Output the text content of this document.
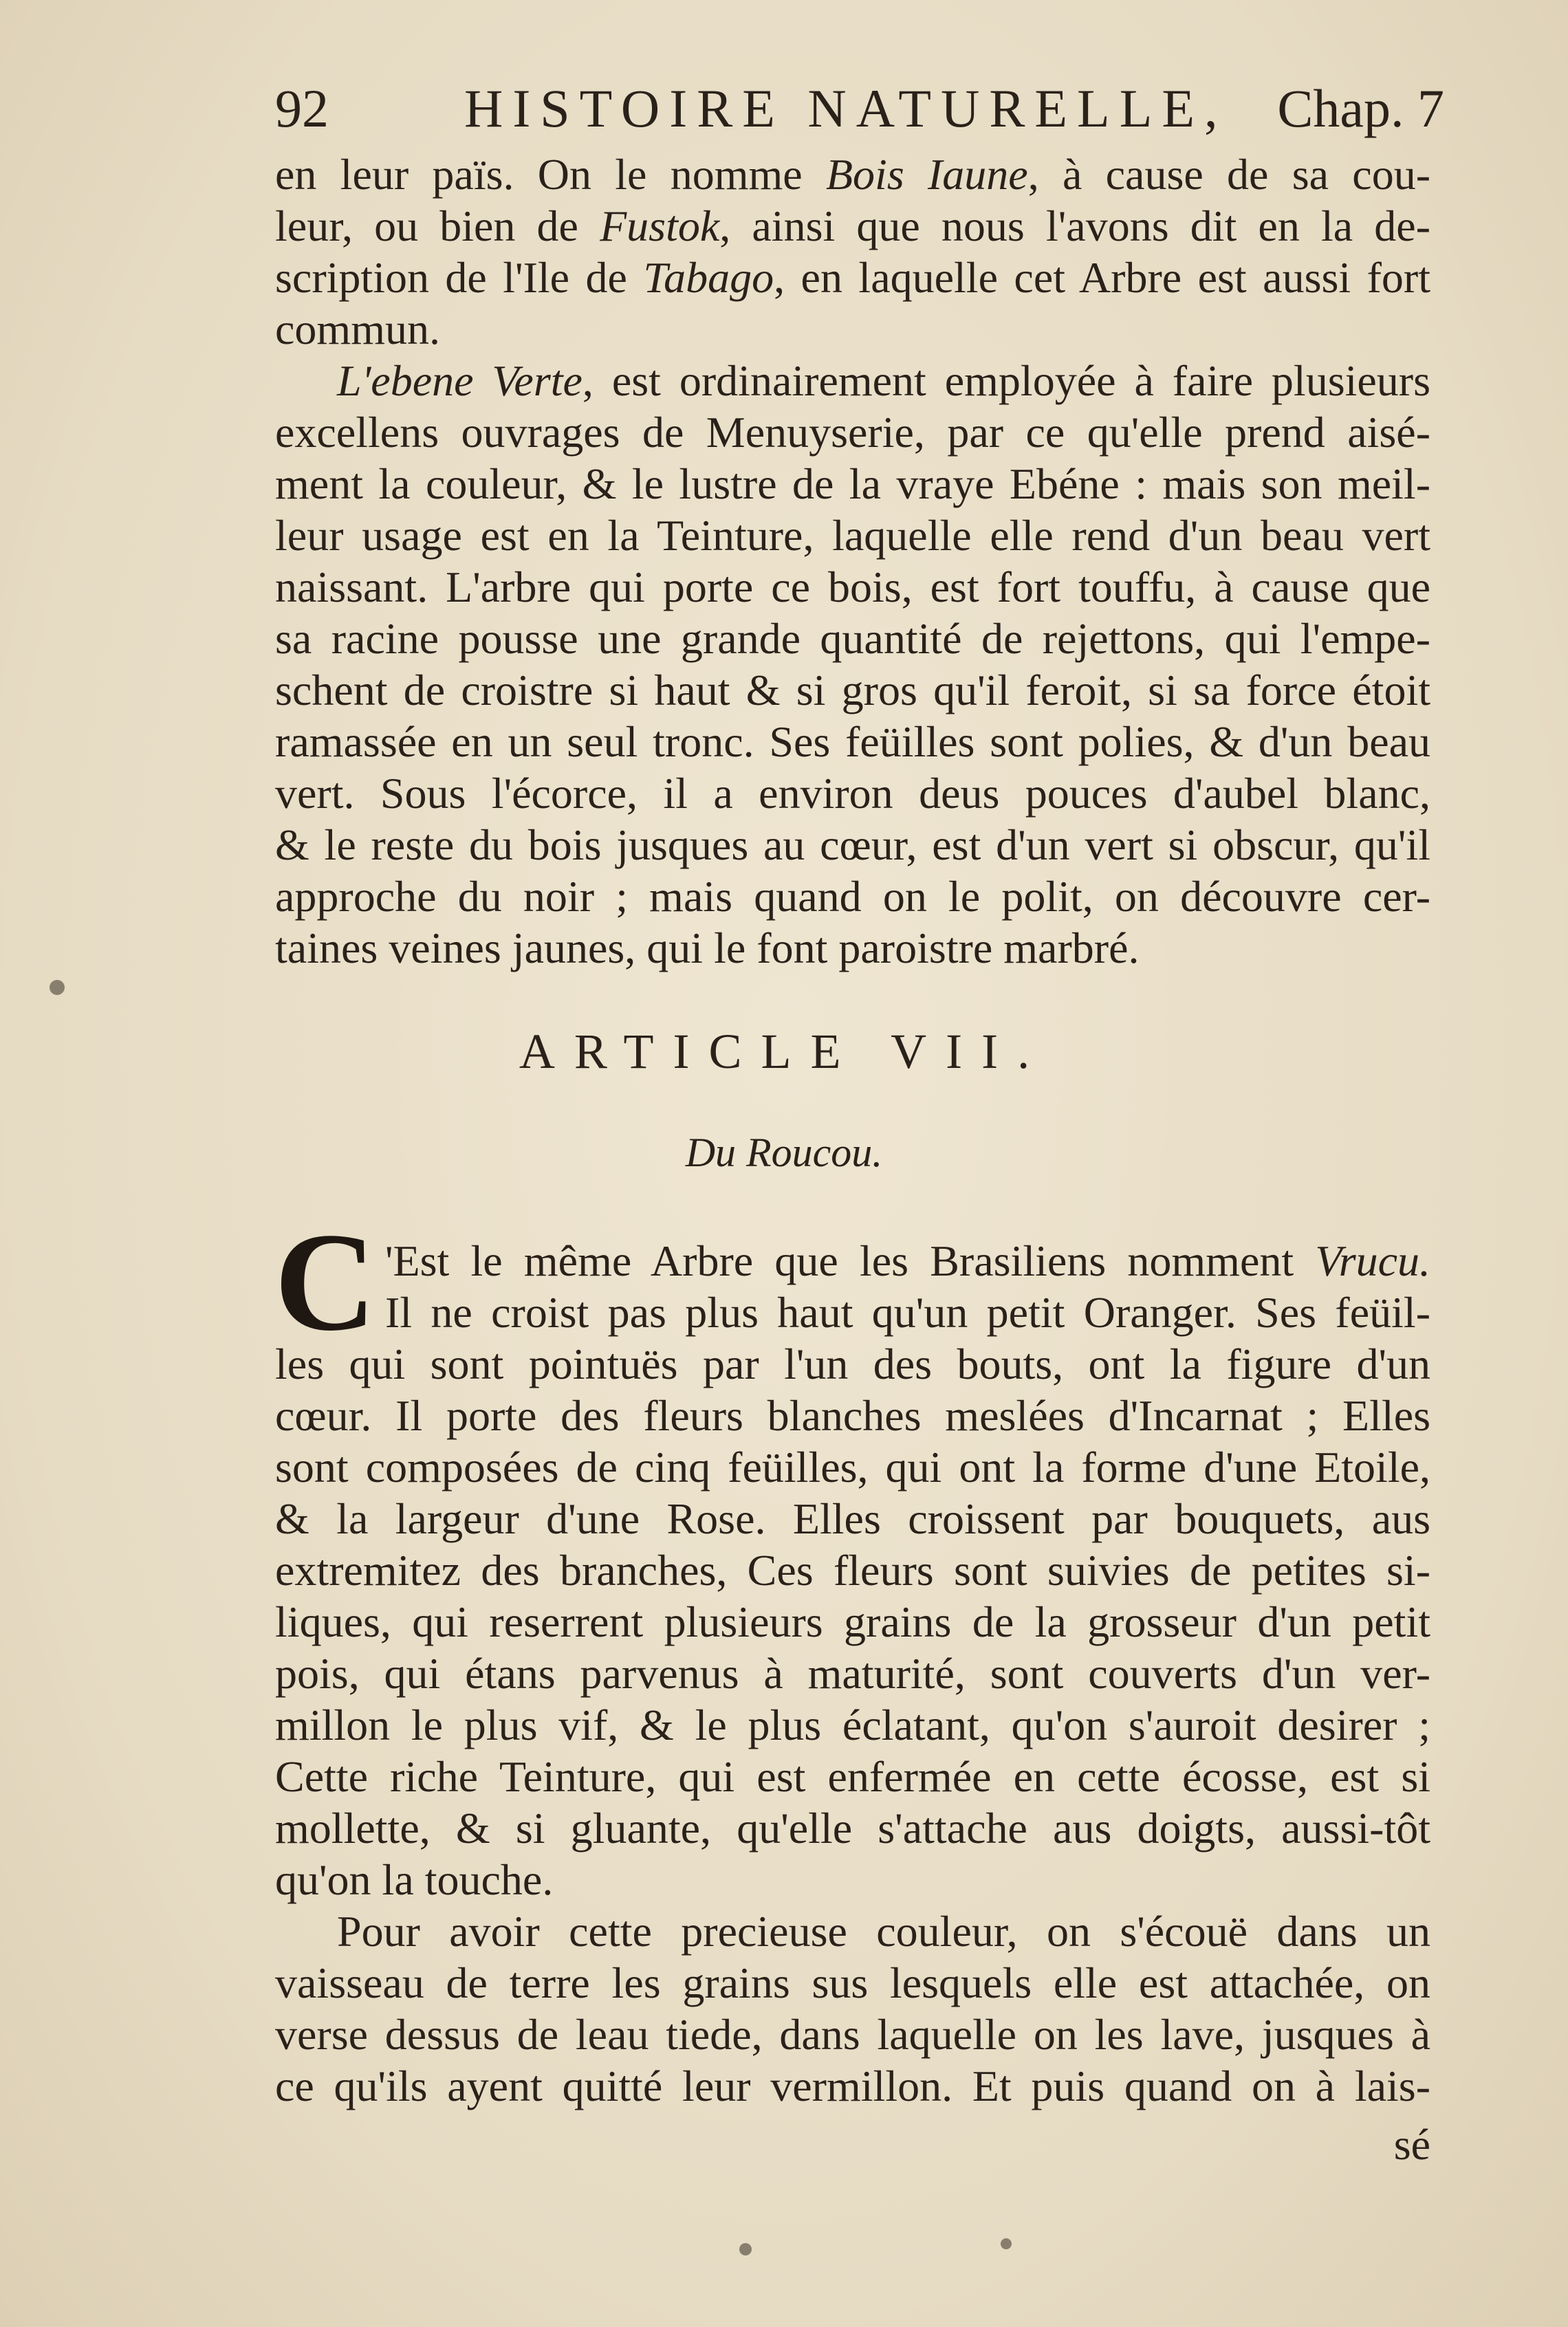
92	HISTOIRE NATURELLE, Chap. 7
en leur païs. On le nomme Bois Iaune, à cause de sa cou-
leur, ou bien de Fustok, ainsi que nous l'avons dit en la de-
scription de l'Ile de Tabago, en laquelle cet Arbre est aussi fort
commun.
L'ebene Verte, est ordinairement employée à faire plusieurs
excellens ouvrages de Menuyserie, par ce qu'elle prend aisé-
ment la couleur, & le lustre de la vraye Ebéne : mais son meil-
leur usage est en la Teinture, laquelle elle rend d'un beau vert
naissant. L'arbre qui porte ce bois, est fort touffu, à cause que
sa racine pousse une grande quantité de rejettons, qui l'empe-
schent de croistre si haut & si gros qu'il feroit, si sa force étoit
ramassée en un seul tronc. Ses feüilles sont polies, & d'un beau
vert. Sous l'écorce, il a environ deus pouces d'aubel blanc,
& le reste du bois jusques au cœur, est d'un vert si obscur, qu'il
approche du noir ; mais quand on le polit, on découvre cer-
taines veines jaunes, qui le font paroistre marbré.
ARTICLE VII.
Du Roucou.
C 'Est le même Arbre que les Brasiliens nomment Vrucu.
Il ne croist pas plus haut qu'un petit Oranger. Ses feüil-
les qui sont pointuës par l'un des bouts, ont la figure d'un
cœur. Il porte des fleurs blanches meslées d'Incarnat ; Elles
sont composées de cinq feüilles, qui ont la forme d'une Etoile,
& la largeur d'une Rose. Elles croissent par bouquets, aus
extremitez des branches, Ces fleurs sont suivies de petites si-
liques, qui reserrent plusieurs grains de la grosseur d'un petit
pois, qui étans parvenus à maturité, sont couverts d'un ver-
millon le plus vif, & le plus éclatant, qu'on s'auroit desirer ;
Cette riche Teinture, qui est enfermée en cette écosse, est si
mollette, & si gluante, qu'elle s'attache aus doigts, aussi-tôt
qu'on la touche.
Pour avoir cette precieuse couleur, on s'écouë dans un
vaisseau de terre les grains sus lesquels elle est attachée, on
verse dessus de leau tiede, dans laquelle on les lave, jusques à
ce qu'ils ayent quitté leur vermillon. Et puis quand on à lais-
sé
